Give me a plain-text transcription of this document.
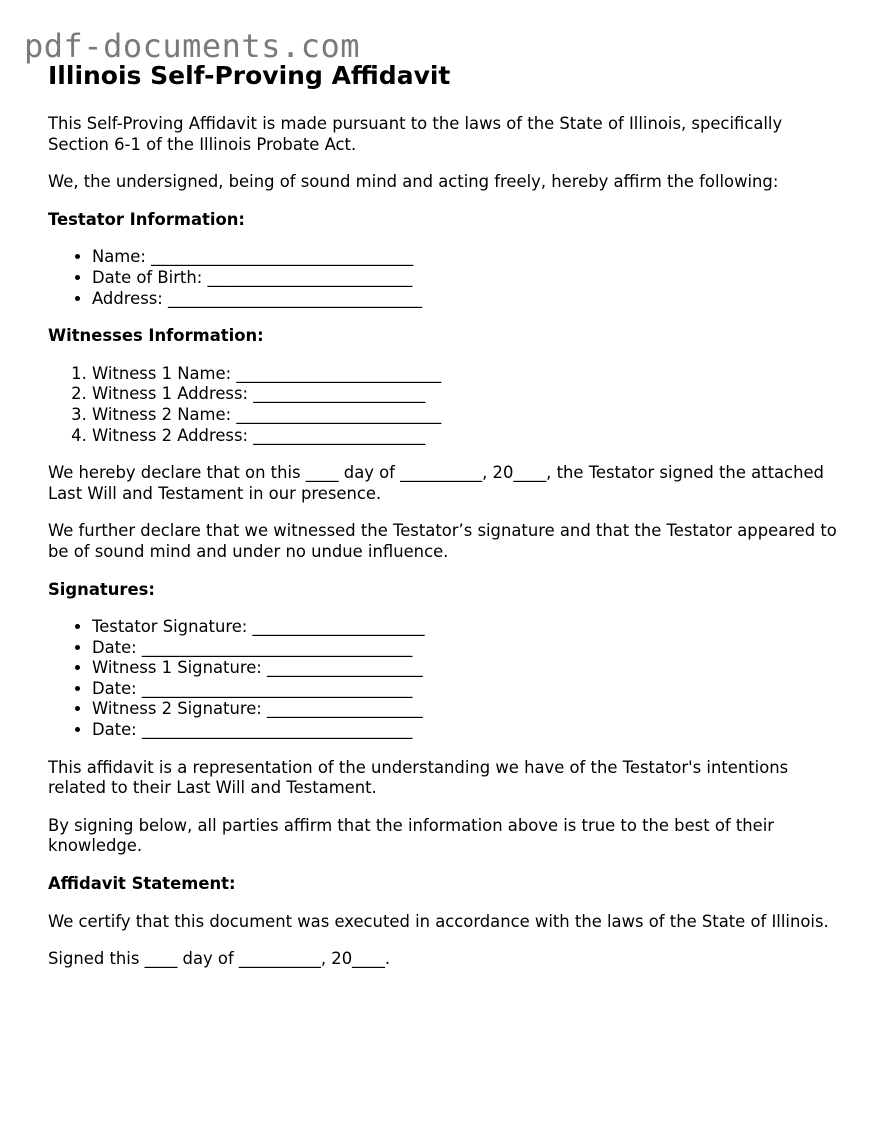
pdf-documents.com
Illinois Self-Proving Affidavit

This Self-Proving Affidavit is made pursuant to the laws of the State of Illinois, specifically Section 6-1 of the Illinois Probate Act.

We, the undersigned, being of sound mind and acting freely, hereby affirm the following:

Testator Information:
• Name: ________________________________
• Date of Birth: _________________________
• Address: _______________________________
Witnesses Information:
1. Witness 1 Name: _________________________
2. Witness 1 Address: _____________________
3. Witness 2 Name: _________________________
4. Witness 2 Address: _____________________

We hereby declare that on this ____ day of __________, 20____, the Testator signed the attached Last Will and Testament in our presence.

We further declare that we witnessed the Testator’s signature and that the Testator appeared to be of sound mind and under no undue influence.

Signatures:
• Testator Signature: _____________________
• Date: _________________________________
• Witness 1 Signature: ___________________
• Date: _________________________________
• Witness 2 Signature: ___________________
• Date: _________________________________

This affidavit is a representation of the understanding we have of the Testator's intentions related to their Last Will and Testament.

By signing below, all parties affirm that the information above is true to the best of their knowledge.

Affidavit Statement:

We certify that this document was executed in accordance with the laws of the State of Illinois.

Signed this ____ day of __________, 20____.
